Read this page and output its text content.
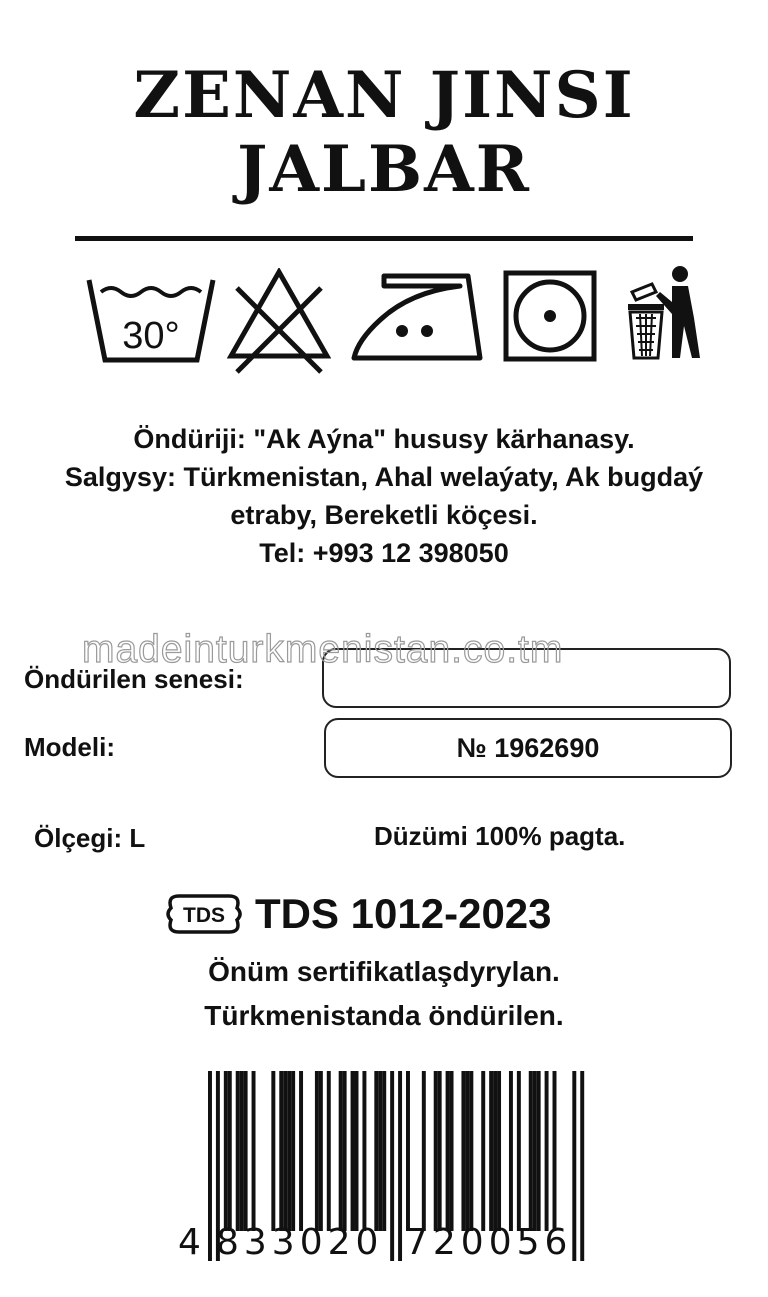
ZENAN JINSI
JALBAR
30°
Öndüriji: "Ak Aýna" hususy kärhanasy.
Salgysy: Türkmenistan, Ahal welaýaty, Ak bugdaý
etraby, Bereketli köçesi.
Tel: +993 12 398050
Öndürilen senesi:
madeinturkmenistan.co.tm
Modeli:	№ 1962690
Ölçegi: L	Düzümi 100% pagta.
TDS TDS 1012-2023
Önüm sertifikatlaşdyrylan.
Türkmenistanda öndürilen.
4 833020 720056
